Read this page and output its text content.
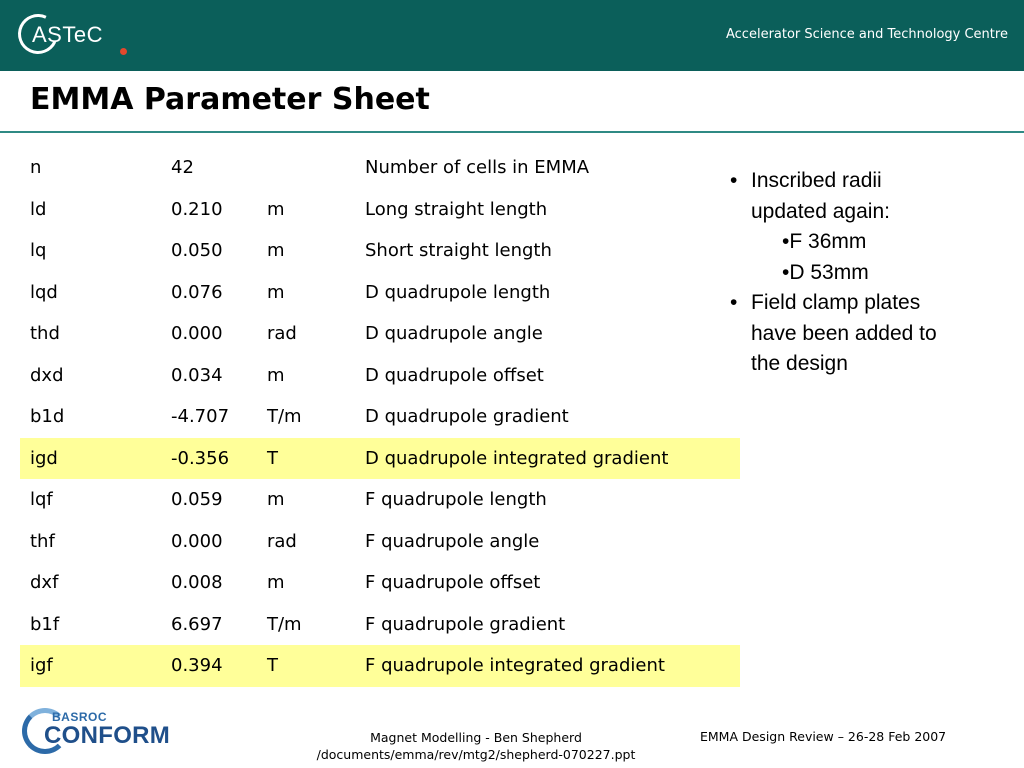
ASTeC	Accelerator Science and Technology Centre
EMMA Parameter Sheet
n	42	Number of cells in EMMA
ld	0.210 m	Long straight length
lq	0.050 m	Short straight length
lqd	0.076 m	D quadrupole length
thd	0.000 rad	D quadrupole angle
dxd	0.034 m	D quadrupole offset
b1d	-4.707 T/m	D quadrupole gradient
igd	-0.356 T	D quadrupole integrated gradient
lqf	0.059 m	F quadrupole length
thf	0.000 rad	F quadrupole angle
dxf	0.008 m	F quadrupole offset
b1f	6.697 T/m	F quadrupole gradient
igf	0.394 T	F quadrupole integrated gradient
• Inscribed radii
updated again:
•F 36mm
•D 53mm
• Field clamp plates
have been added to
the design
BASROC
CONFORM	Magnet Modelling - Ben Shepherd
/documents/emma/rev/mtg2/shepherd-070227.ppt
EMMA Design Review – 26-28 Feb 2007
